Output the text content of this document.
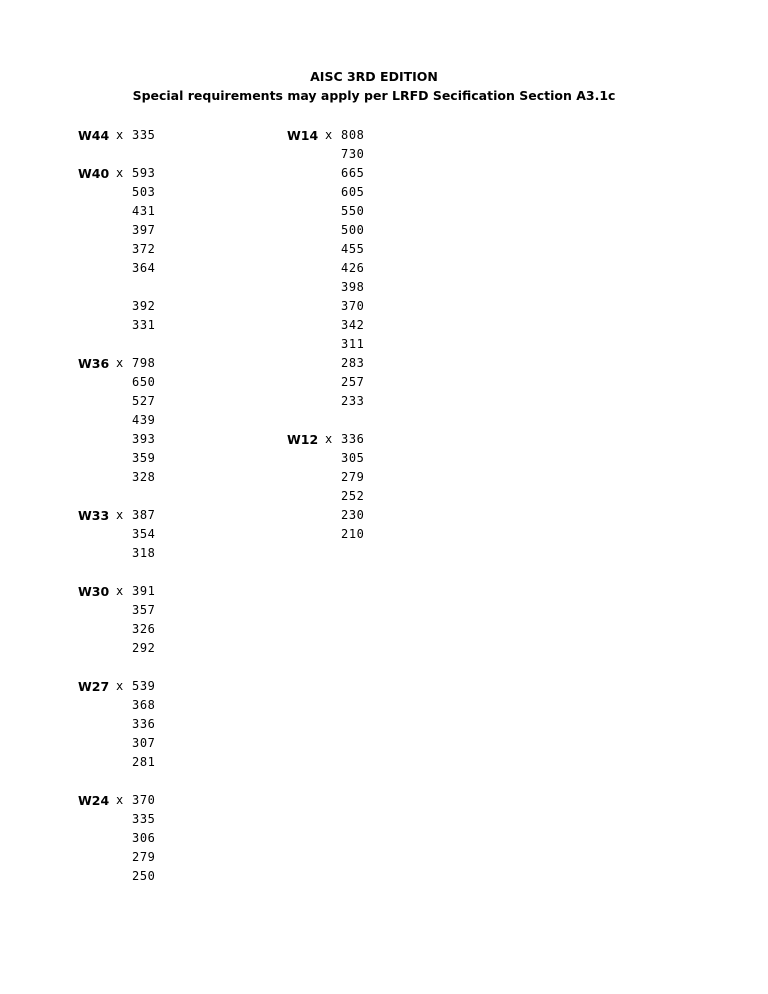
AISC 3RD EDITION
Special requirements may apply per LRFD Secification Section A3.1c
W44 x 335
W40 x 593
503
431
397
372
364
392
331
W36 x 798
650
527
439
393
359
328
W33 x 387
354
318
W30 x 391
357
326
292
W27 x 539
368
336
307
281
W24 x 370
335
306
279
250
W14 x 808
730
665
605
550
500
455
426
398
370
342
311
283
257
233
W12 x 336
305
279
252
230
210
